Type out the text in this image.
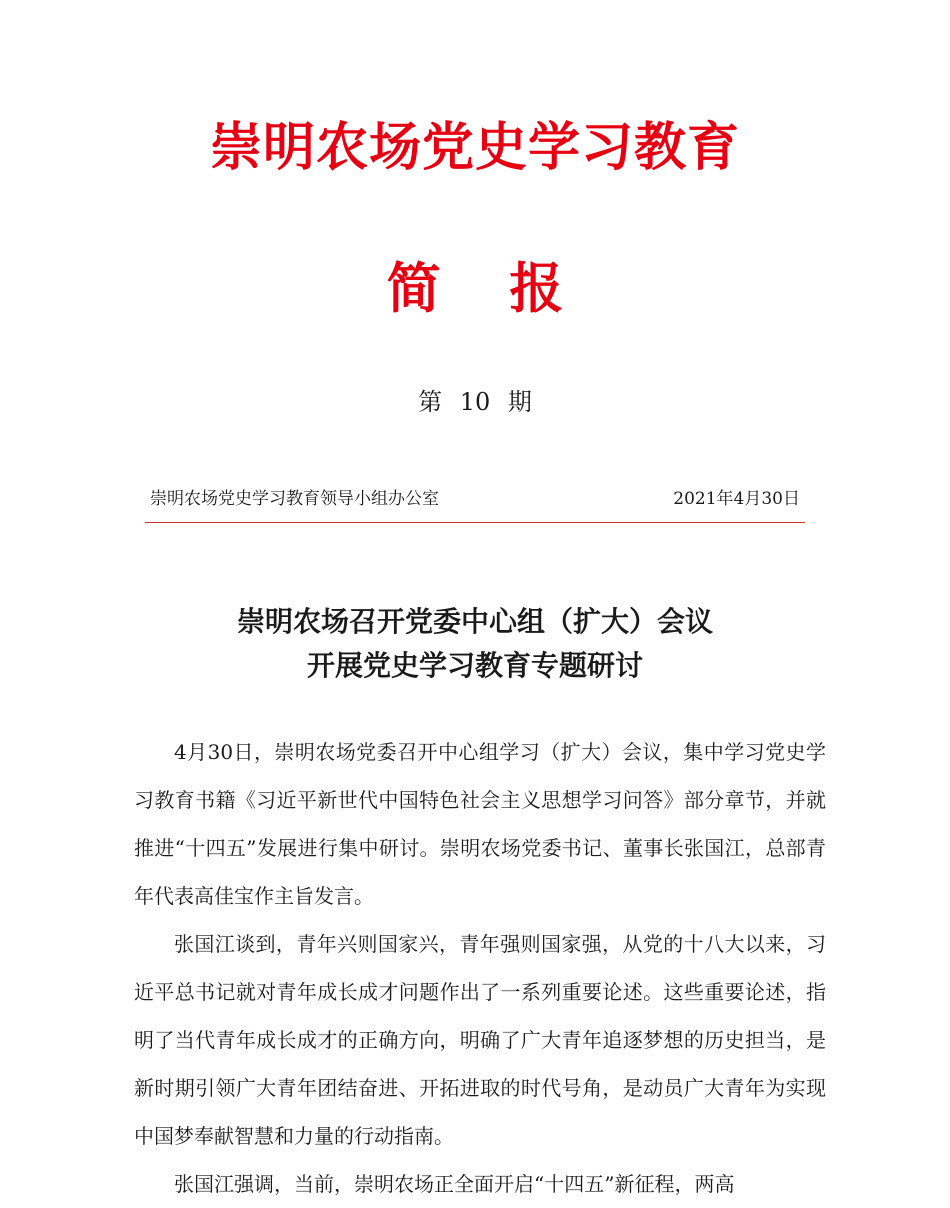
崇明农场党史学习教育
简 报
第 10 期
崇明农场党史学习教育领导小组办公室	2021年4月30日
崇明农场召开党委中心组（扩大）会议
开展党史学习教育专题研讨

4月30日，崇明农场党委召开中心组学习（扩大）会议，集中学习党史学习教育书籍《习近平新世代中国特色社会主义思想学习问答》部分章节，并就推进“十四五”发展进行集中研讨。崇明农场党委书记、董事长张国江，总部青年代表高佳宝作主旨发言。

张国江谈到，青年兴则国家兴，青年强则国家强，从党的十八大以来，习近平总书记就对青年成长成才问题作出了一系列重要论述。这些重要论述，指明了当代青年成长成才的正确方向，明确了广大青年追逐梦想的历史担当，是新时期引领广大青年团结奋进、开拓进取的时代号角，是动员广大青年为实现中国梦奉献智慧和力量的行动指南。

张国江强调，当前，崇明农场正全面开启“十四五”新征程，两高
